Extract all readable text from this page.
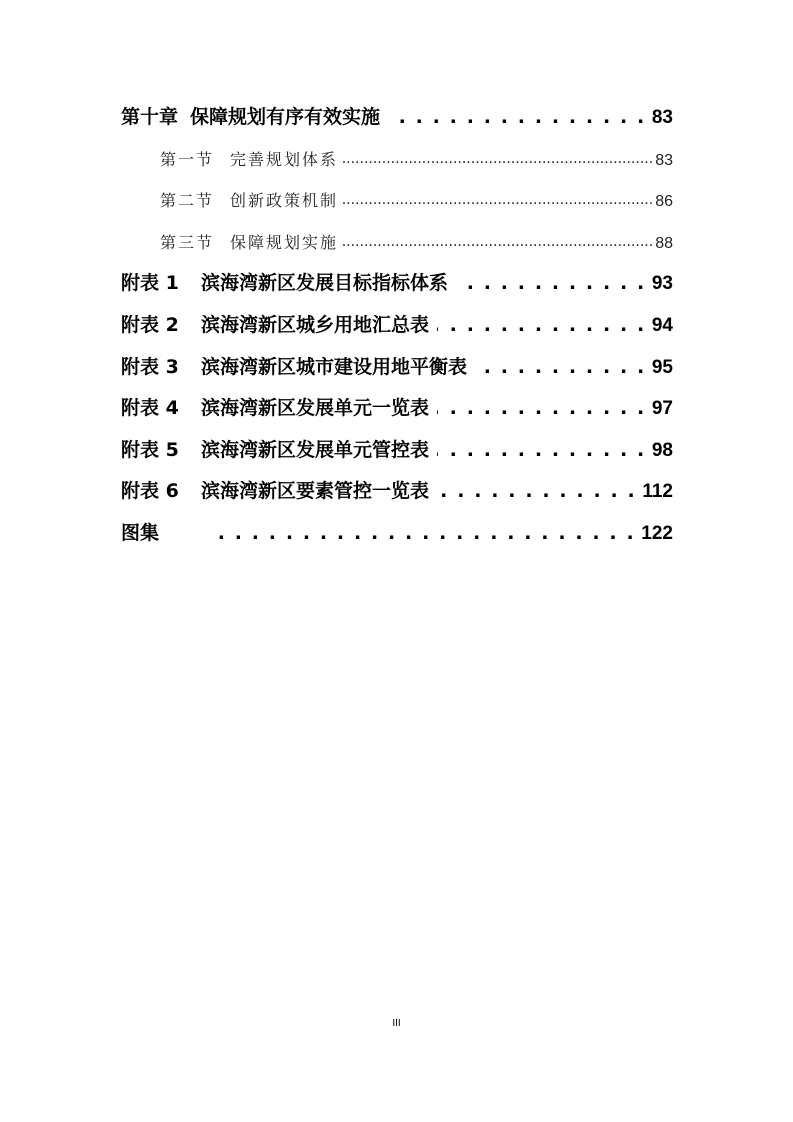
第十章 保障规划有序有效实施 . . .	83
第一节 完善规划体系 .....	83
第二节 创新政策机制 .....	86
第三节 保障规划实施 .....	88
附表 1	滨海湾新区发展目标指标体系 . . .	93
附表 2	滨海湾新区城乡用地汇总表 . . .	94
附表 3	滨海湾新区城市建设用地平衡表 . . .	95
附表 4	滨海湾新区发展单元一览表 . . .	97
附表 5	滨海湾新区发展单元管控表 . . .	98
附表 6	滨海湾新区要素管控一览表 . . .	112
图集 . . .	122
III
